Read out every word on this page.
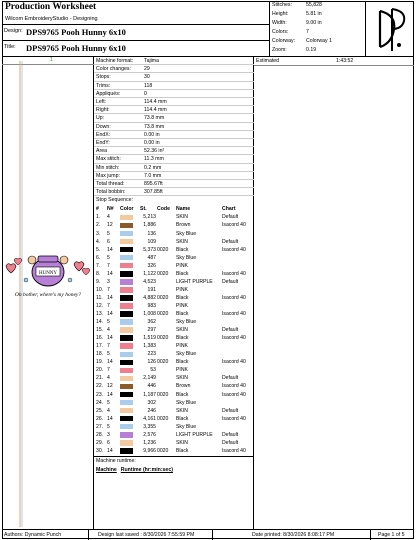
Production Worksheet
Wilcom EmbroideryStudio - Designing
Design: DPS9765 Pooh Hunny 6x10
Title: DPS9765 Pooh Hunny 6x10
Stitches:	55,828
Height:	5.81 in
Width:	9.00 in
Colors:	7
Colorway: Colorway 1
Zoom:	0.19
1
HUNNY
Oh bother, where's my honey?
Machine format: Tajima
Color changes:	29
Stops:	30
Trims:	118
Appliqués:	0
Left:	114.4 mm
Right:	114.4 mm
Up:	73.8 mm
Down:	73.8 mm
EndX:	0.00 in
EndY:	0.00 in
Area	52.36 in²
Max stitch:	11.3 mm
Min stitch:	0.2 mm
Max jump:	7.0 mm
Total thread:	895.67ft
Total bobbin:	307.85ft
Stop Sequence:
# N# Color St. Code Name	Chart
1. 4	5,213	SKIN	Default
2. 12	1,886	Brown	Isacord 40
3. 5	136	Sky Blue
4. 6	109	SKIN	Default
5. 14	5,373 0020 Black	Isacord 40
6. 5	487	Sky Blue
7. 7	326	PINK
8. 14	1,122 0020 Black	Isacord 40
9. 3	4,523	LIGHT PURPLE Default
10. 7	191	PINK
11. 14	4,882 0020 Black	Isacord 40
12. 7	983	PINK
13. 14	1,008 0020 Black	Isacord 40
14. 5	362	Sky Blue
15. 4	297	SKIN	Default
16. 14	1,519 0020 Black	Isacord 40
17. 7	1,383	PINK
18. 5	223	Sky Blue
19. 14	126 0020 Black	Isacord 40
20. 7	53	PINK
21. 4	2,149	SKIN	Default
22. 12	446	Brown	Isacord 40
23. 14	1,187 0020 Black	Isacord 40
24. 5	302	Sky Blue
25. 4	246	SKIN	Default
26. 14	4,161 0020 Black	Isacord 40
27. 5	3,355	Sky Blue
28. 3	2,576	LIGHT PURPLE Default
29. 6	1,236	SKIN	Default
30. 14	9,966 0020 Black	Isacord 40
Machine runtime:
Machine Runtime (hr:min:sec)
Estimated	1:43:52
Authors: Dynamic Punch	Design last saved : 8/30/2026 7:55:59 PM	Date printed: 8/30/2026 8:08:17 PM	Page 1 of 5
